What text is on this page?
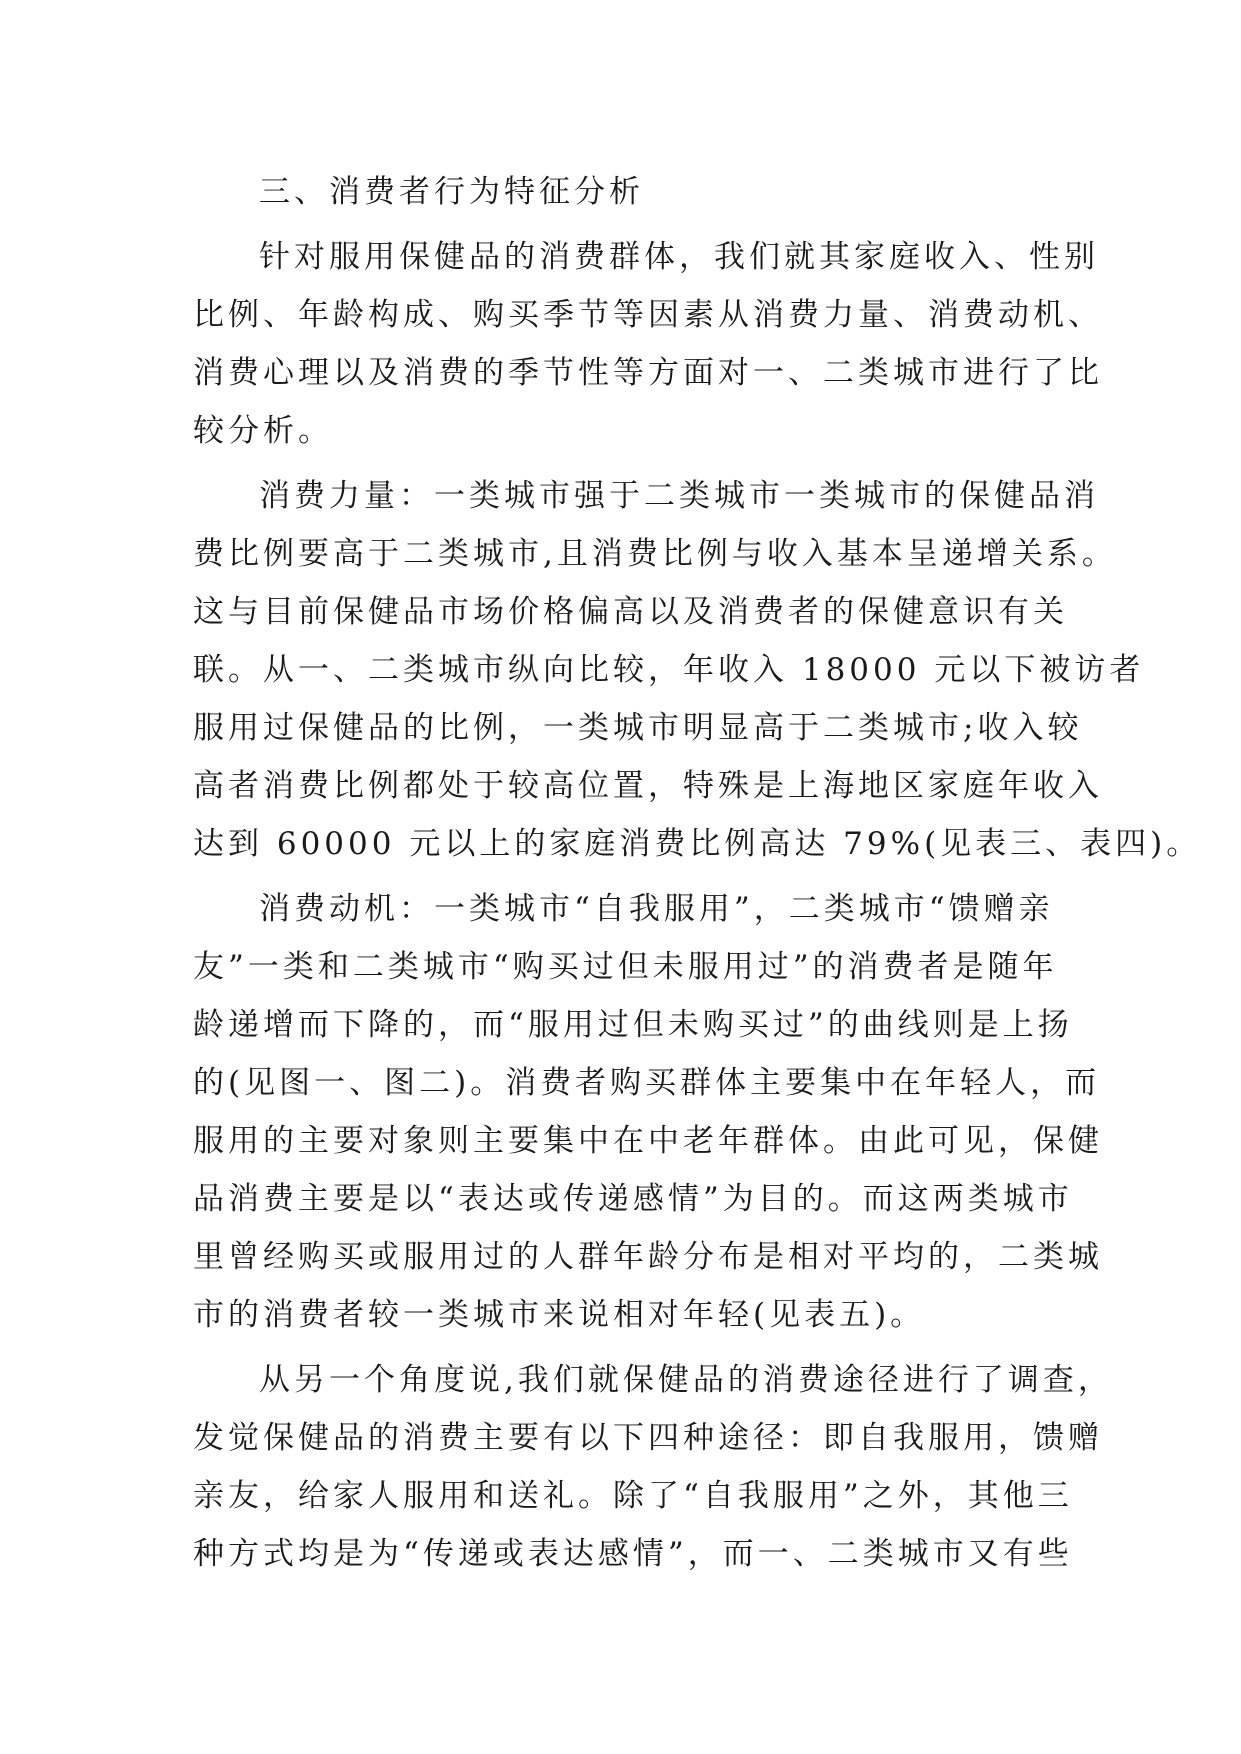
三、消费者行为特征分析
针对服用保健品的消费群体，我们就其家庭收入、性别
比例、年龄构成、购买季节等因素从消费力量、消费动机、
消费心理以及消费的季节性等方面对一、二类城市进行了比
较分析。
消费力量：一类城市强于二类城市一类城市的保健品消
费比例要高于二类城市,且消费比例与收入基本呈递增关系。
这与目前保健品市场价格偏高以及消费者的保健意识有关
联。从一、二类城市纵向比较，年收入 18000 元以下被访者
服用过保健品的比例，一类城市明显高于二类城市;收入较
高者消费比例都处于较高位置，特殊是上海地区家庭年收入
达到 60000 元以上的家庭消费比例高达 79%(见表三、表四)。
消费动机：一类城市“自我服用”，二类城市“馈赠亲
友”一类和二类城市“购买过但未服用过”的消费者是随年
龄递增而下降的，而“服用过但未购买过”的曲线则是上扬
的(见图一、图二)。消费者购买群体主要集中在年轻人，而
服用的主要对象则主要集中在中老年群体。由此可见，保健
品消费主要是以“表达或传递感情”为目的。而这两类城市
里曾经购买或服用过的人群年龄分布是相对平均的，二类城
市的消费者较一类城市来说相对年轻(见表五)。
从另一个角度说,我们就保健品的消费途径进行了调查，
发觉保健品的消费主要有以下四种途径：即自我服用，馈赠
亲友，给家人服用和送礼。除了“自我服用”之外，其他三
种方式均是为“传递或表达感情”，而一、二类城市又有些
